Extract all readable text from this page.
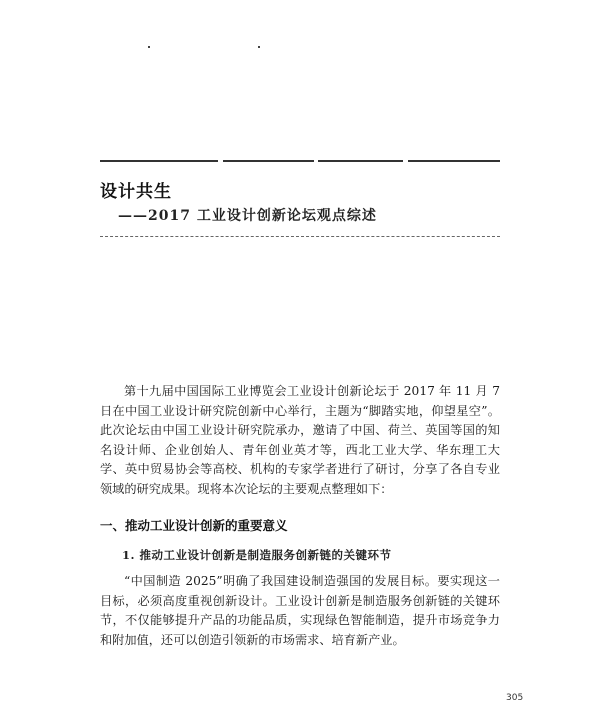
设计共生
——2017 工业设计创新论坛观点综述

第十九届中国国际工业博览会工业设计创新论坛于 2017 年 11 月 7 日在中国工业设计研究院创新中心举行，主题为“脚踏实地，仰望星空”。此次论坛由中国工业设计研究院承办，邀请了中国、荷兰、英国等国的知名设计师、企业创始人、青年创业英才等，西北工业大学、华东理工大学、英中贸易协会等高校、机构的专家学者进行了研讨，分享了各自专业领域的研究成果。现将本次论坛的主要观点整理如下：

一、推动工业设计创新的重要意义
1. 推动工业设计创新是制造服务创新链的关键环节

“中国制造 2025”明确了我国建设制造强国的发展目标。要实现这一目标，必须高度重视创新设计。工业设计创新是制造服务创新链的关键环节，不仅能够提升产品的功能品质，实现绿色智能制造，提升市场竞争力和附加值，还可以创造引领新的市场需求、培育新产业。

305
